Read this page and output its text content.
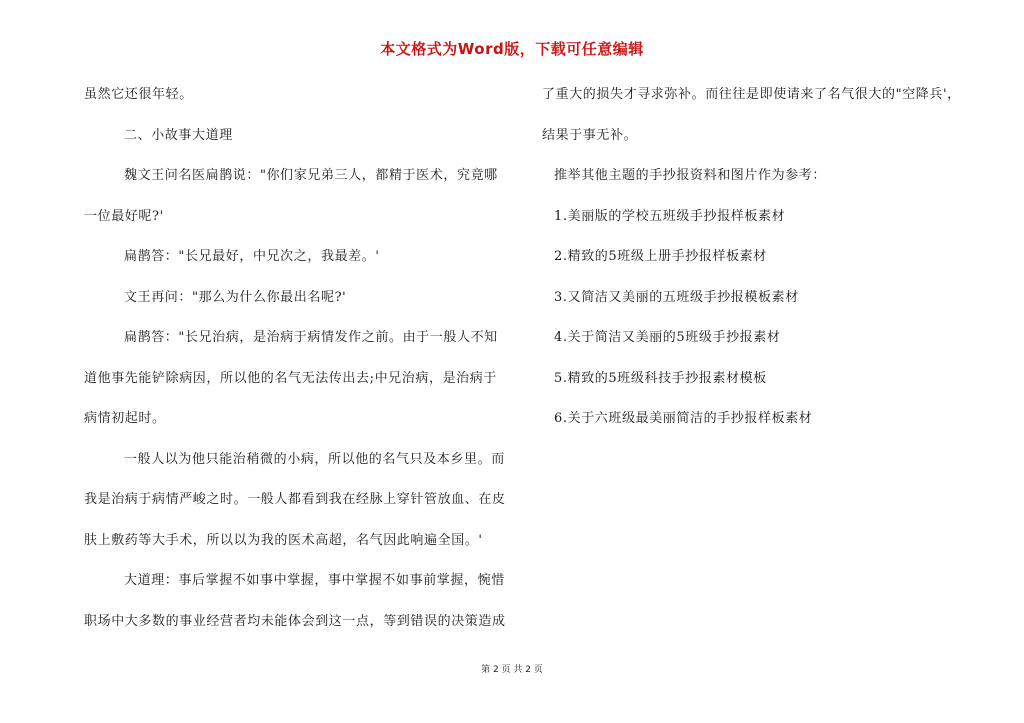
本文格式为Word版，下载可任意编辑
虽然它还很年轻。
二、小故事大道理
魏文王问名医扁鹊说："你们家兄弟三人，都精于医术，究竟哪
一位最好呢?'
扁鹊答："长兄最好，中兄次之，我最差。'
文王再问："那么为什么你最出名呢?'
扁鹊答："长兄治病，是治病于病情发作之前。由于一般人不知
道他事先能铲除病因，所以他的名气无法传出去;中兄治病，是治病于
病情初起时。
一般人以为他只能治稍微的小病，所以他的名气只及本乡里。而
我是治病于病情严峻之时。一般人都看到我在经脉上穿针管放血、在皮
肤上敷药等大手术，所以以为我的医术高超，名气因此响遍全国。'
大道理：事后掌握不如事中掌握，事中掌握不如事前掌握，惋惜
职场中大多数的事业经营者均未能体会到这一点，等到错误的决策造成
了重大的损失才寻求弥补。而往往是即使请来了名气很大的"空降兵'，
结果于事无补。
推举其他主题的手抄报资料和图片作为参考：
1.美丽版的学校五班级手抄报样板素材
2.精致的5班级上册手抄报样板素材
3.又简洁又美丽的五班级手抄报模板素材
4.关于简洁又美丽的5班级手抄报素材
5.精致的5班级科技手抄报素材模板
6.关于六班级最美丽简洁的手抄报样板素材
第 2 页 共 2 页
